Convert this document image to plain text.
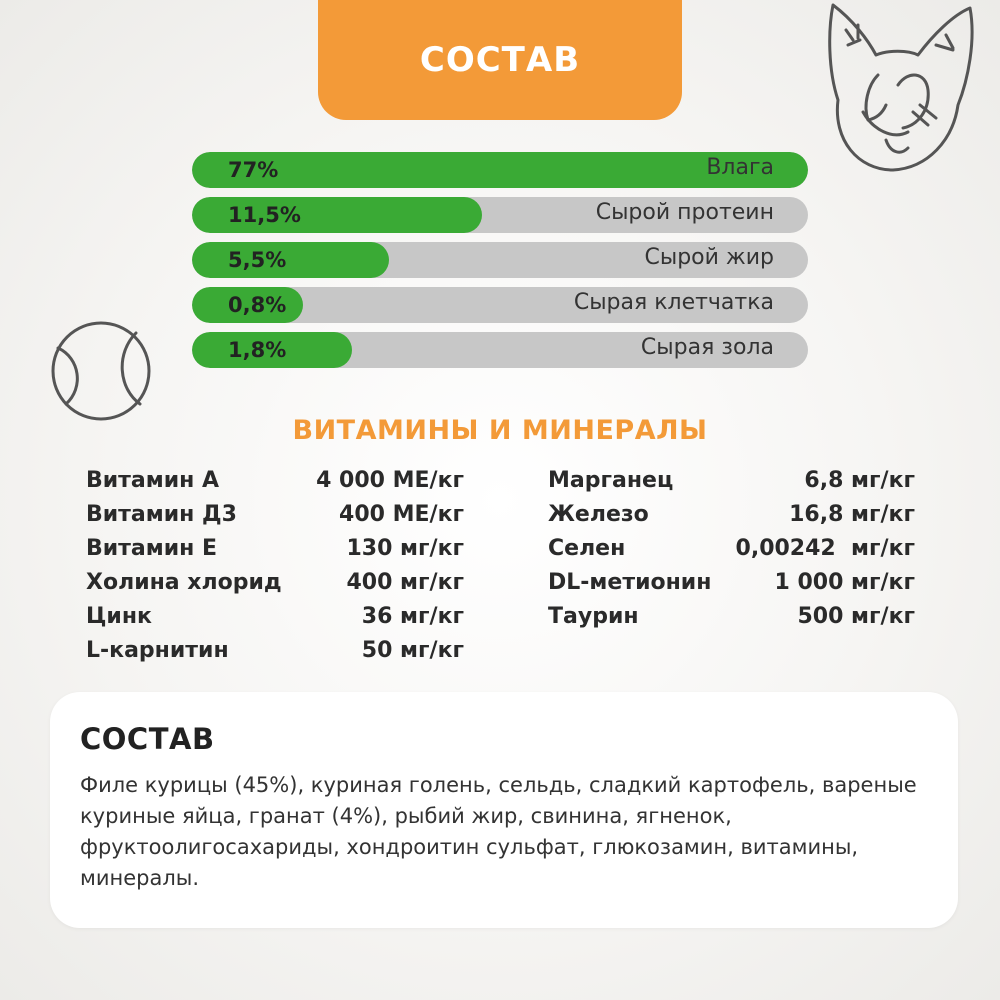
СОСТАВ
77%	Влага
11,5%	Сырой протеин
5,5%	Сырой жир
0,8%	Сырая клетчатка
1,8%	Сырая зола
ВИТАМИНЫ И МИНЕРАЛЫ
Витамин А	4 000 МЕ/кг
Витамин Д3	400 МЕ/кг
Витамин Е	130 мг/кг
Холина хлорид	400 мг/кг
Цинк	36 мг/кг
L-карнитин	50 мг/кг
Марганец	6,8 мг/кг
Железо	16,8 мг/кг
Селен	0,00242  мг/кг
DL-метионин	1 000 мг/кг
Таурин	500 мг/кг
СОСТАВ

Филе курицы (45%), куриная голень, сельдь, сладкий картофель, вареные куриные яйца, гранат (4%), рыбий жир, свинина, ягненок, фруктоолигосахариды, хондроитин сульфат, глюкозамин, витамины, минералы.
